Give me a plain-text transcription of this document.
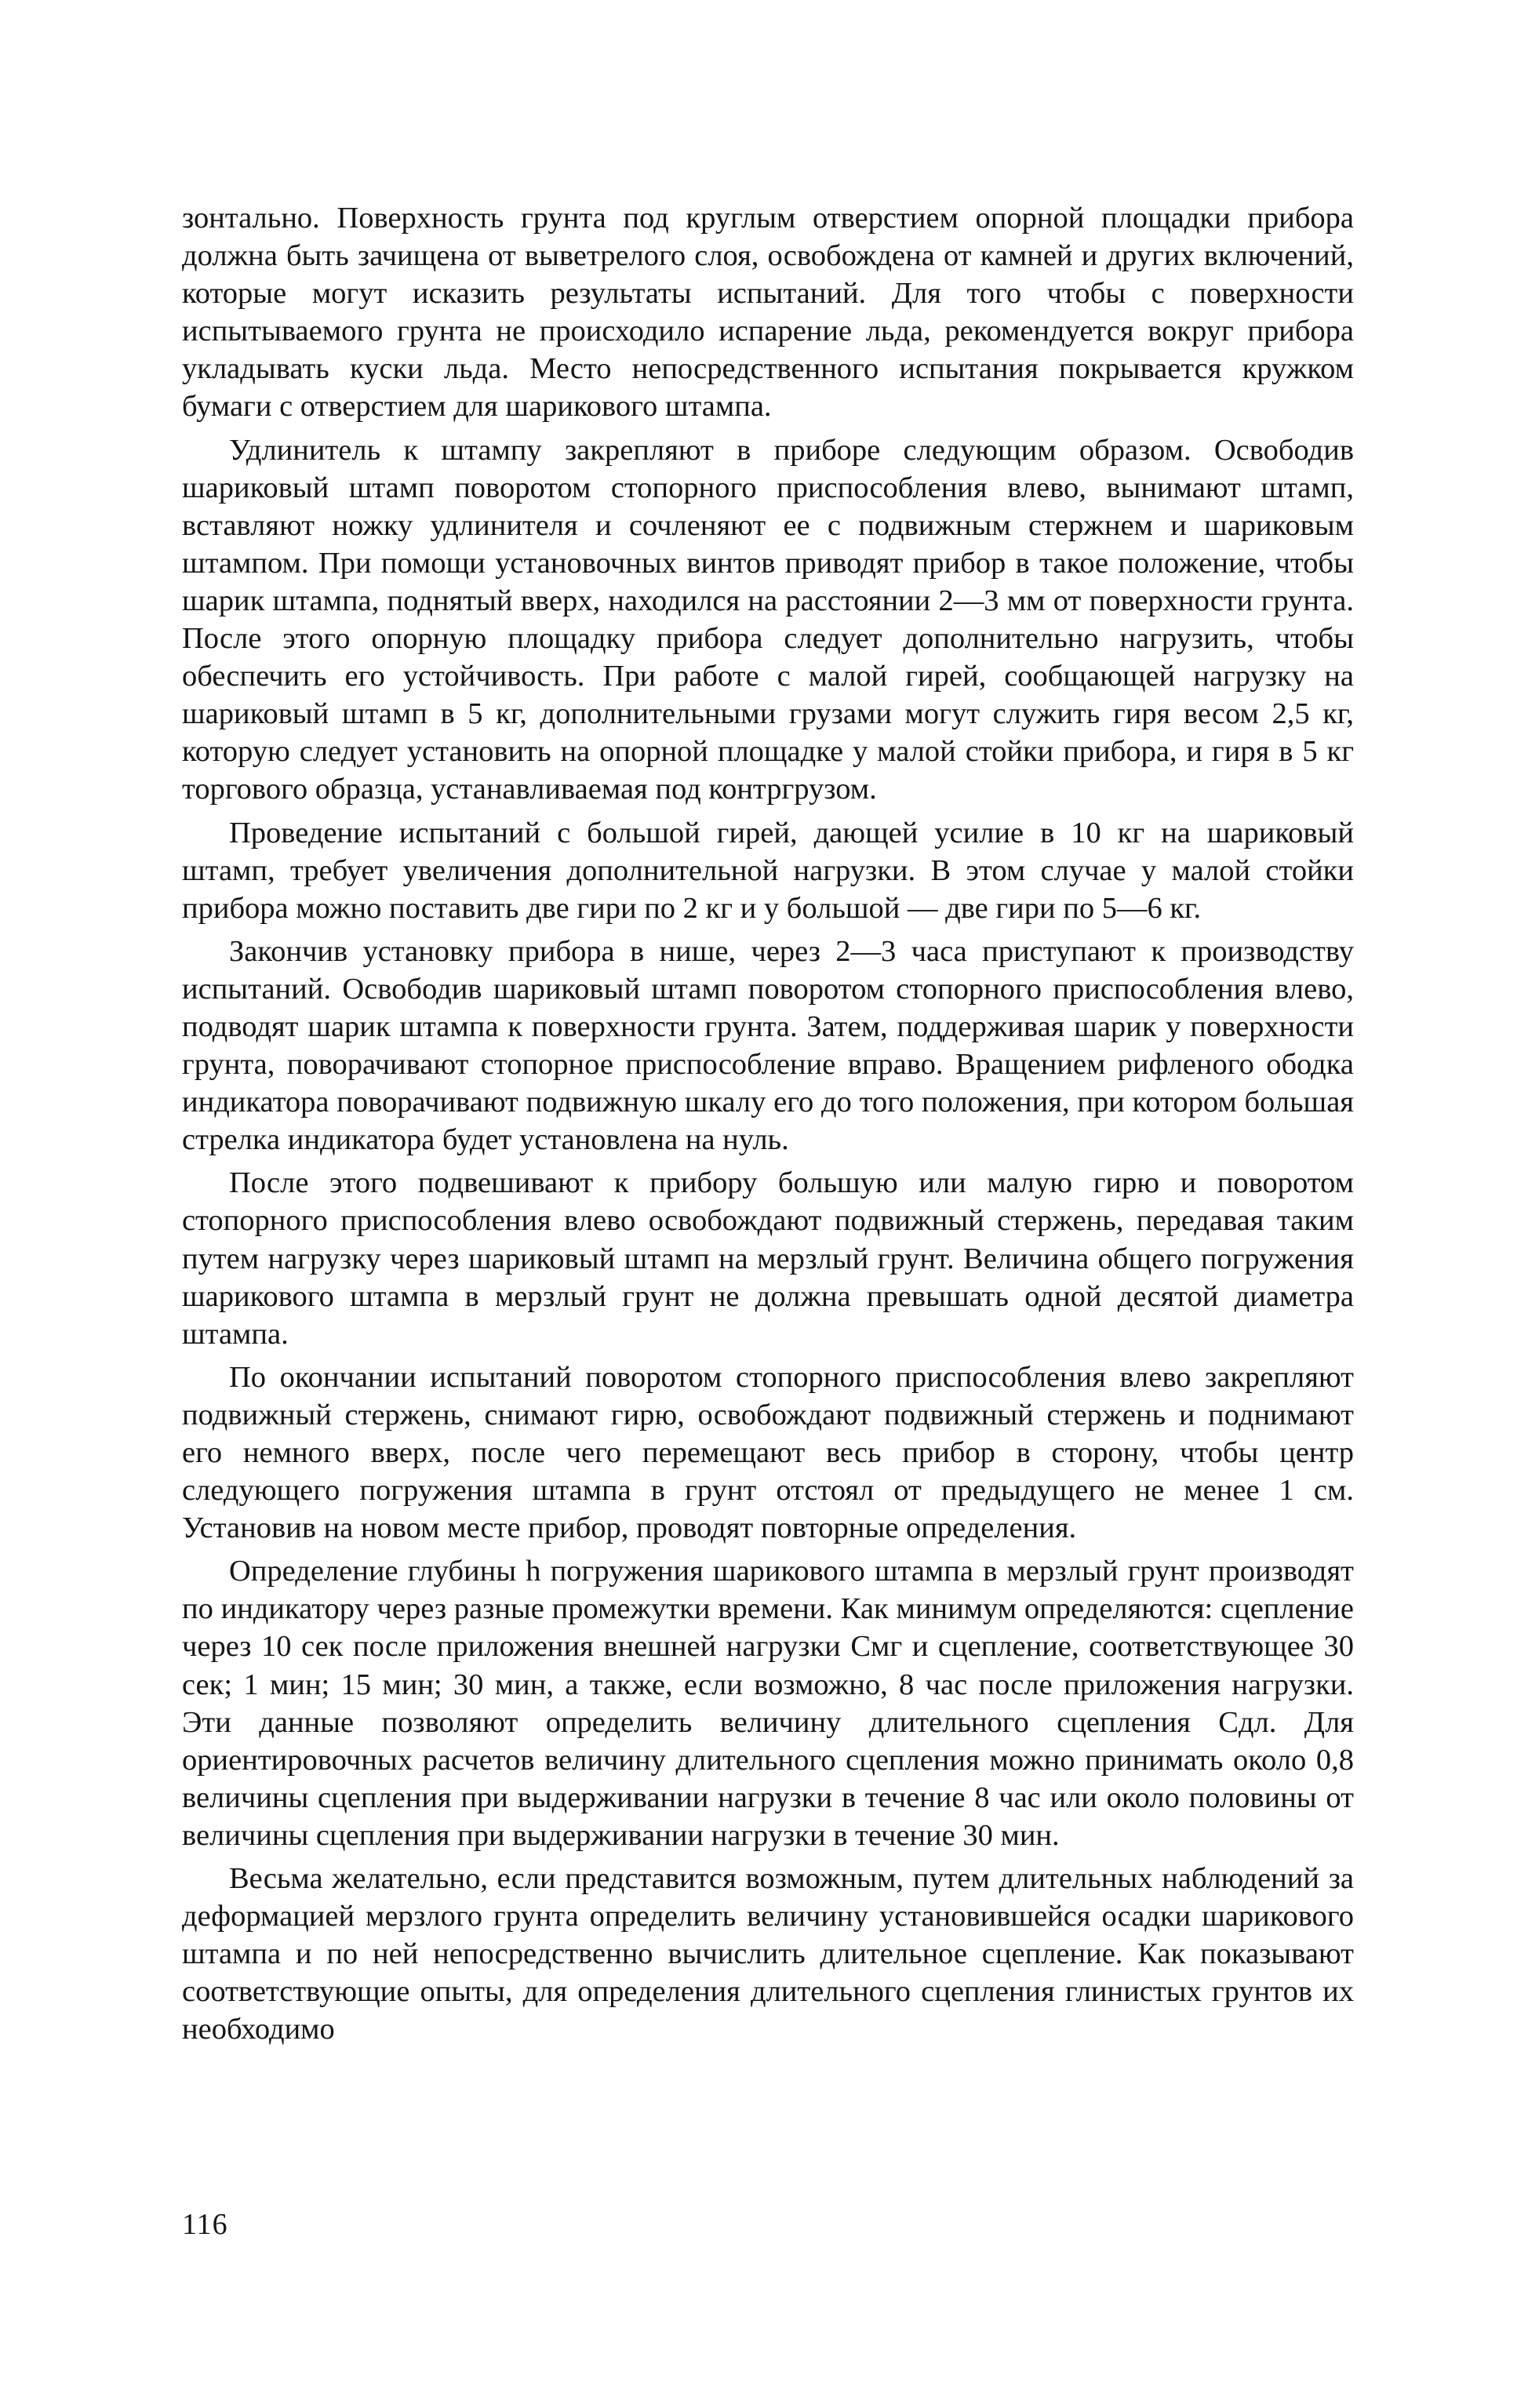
зонтально. Поверхность грунта под круглым отверстием опорной площадки прибора должна быть зачищена от выветрелого слоя, освобождена от камней и других включений, которые могут исказить результаты испытаний. Для того чтобы с поверхности испытываемого грунта не происходило испарение льда, рекомендуется вокруг прибора укладывать куски льда. Место непосредственного испытания покрывается кружком бумаги с отверстием для шарикового штампа.

Удлинитель к штампу закрепляют в приборе следующим образом. Освободив шариковый штамп поворотом стопорного приспособления влево, вынимают штамп, вставляют ножку удлинителя и сочленяют ее с подвижным стержнем и шариковым штампом. При помощи установочных винтов приводят прибор в такое положение, чтобы шарик штампа, поднятый вверх, находился на расстоянии 2—3 мм от поверхности грунта. После этого опорную площадку прибора следует дополнительно нагрузить, чтобы обеспечить его устойчивость. При работе с малой гирей, сообщающей нагрузку на шариковый штамп в 5 кг, дополнительными грузами могут служить гиря весом 2,5 кг, которую следует установить на опорной площадке у малой стойки прибора, и гиря в 5 кг торгового образца, устанавливаемая под контргрузом.

Проведение испытаний с большой гирей, дающей усилие в 10 кг на шариковый штамп, требует увеличения дополнительной нагрузки. В этом случае у малой стойки прибора можно поставить две гири по 2 кг и у большой — две гири по 5—6 кг.

Закончив установку прибора в нише, через 2—3 часа приступают к производству испытаний. Освободив шариковый штамп поворотом стопорного приспособления влево, подводят шарик штампа к поверхности грунта. Затем, поддерживая шарик у поверхности грунта, поворачивают стопорное приспособление вправо. Вращением рифленого ободка индикатора поворачивают подвижную шкалу его до того положения, при котором большая стрелка индикатора будет установлена на нуль.

После этого подвешивают к прибору большую или малую гирю и поворотом стопорного приспособления влево освобождают подвижный стержень, передавая таким путем нагрузку через шариковый штамп на мерзлый грунт. Величина общего погружения шарикового штампа в мерзлый грунт не должна превышать одной десятой диаметра штампа.

По окончании испытаний поворотом стопорного приспособления влево закрепляют подвижный стержень, снимают гирю, освобождают подвижный стержень и поднимают его немного вверх, после чего перемещают весь прибор в сторону, чтобы центр следующего погружения штампа в грунт отстоял от предыдущего не менее 1 см. Установив на новом месте прибор, проводят повторные определения.

Определение глубины h погружения шарикового штампа в мерзлый грунт производят по индикатору через разные промежутки времени. Как минимум определяются: сцепление через 10 сек после приложения внешней нагрузки Cмг и сцепление, соответствующее 30 сек; 1 мин; 15 мин; 30 мин, а также, если возможно, 8 час после приложения нагрузки. Эти данные позволяют определить величину длительного сцепления Cдл. Для ориентировочных расчетов величину длительного сцепления можно принимать около 0,8 величины сцепления при выдерживании нагрузки в течение 8 час или около половины от величины сцепления при выдерживании нагрузки в течение 30 мин.

Весьма желательно, если представится возможным, путем длительных наблюдений за деформацией мерзлого грунта определить величину установившейся осадки шарикового штампа и по ней непосредственно вычислить длительное сцепление. Как показывают соответствующие опыты, для определения длительного сцепления глинистых грунтов их необходимо

116
